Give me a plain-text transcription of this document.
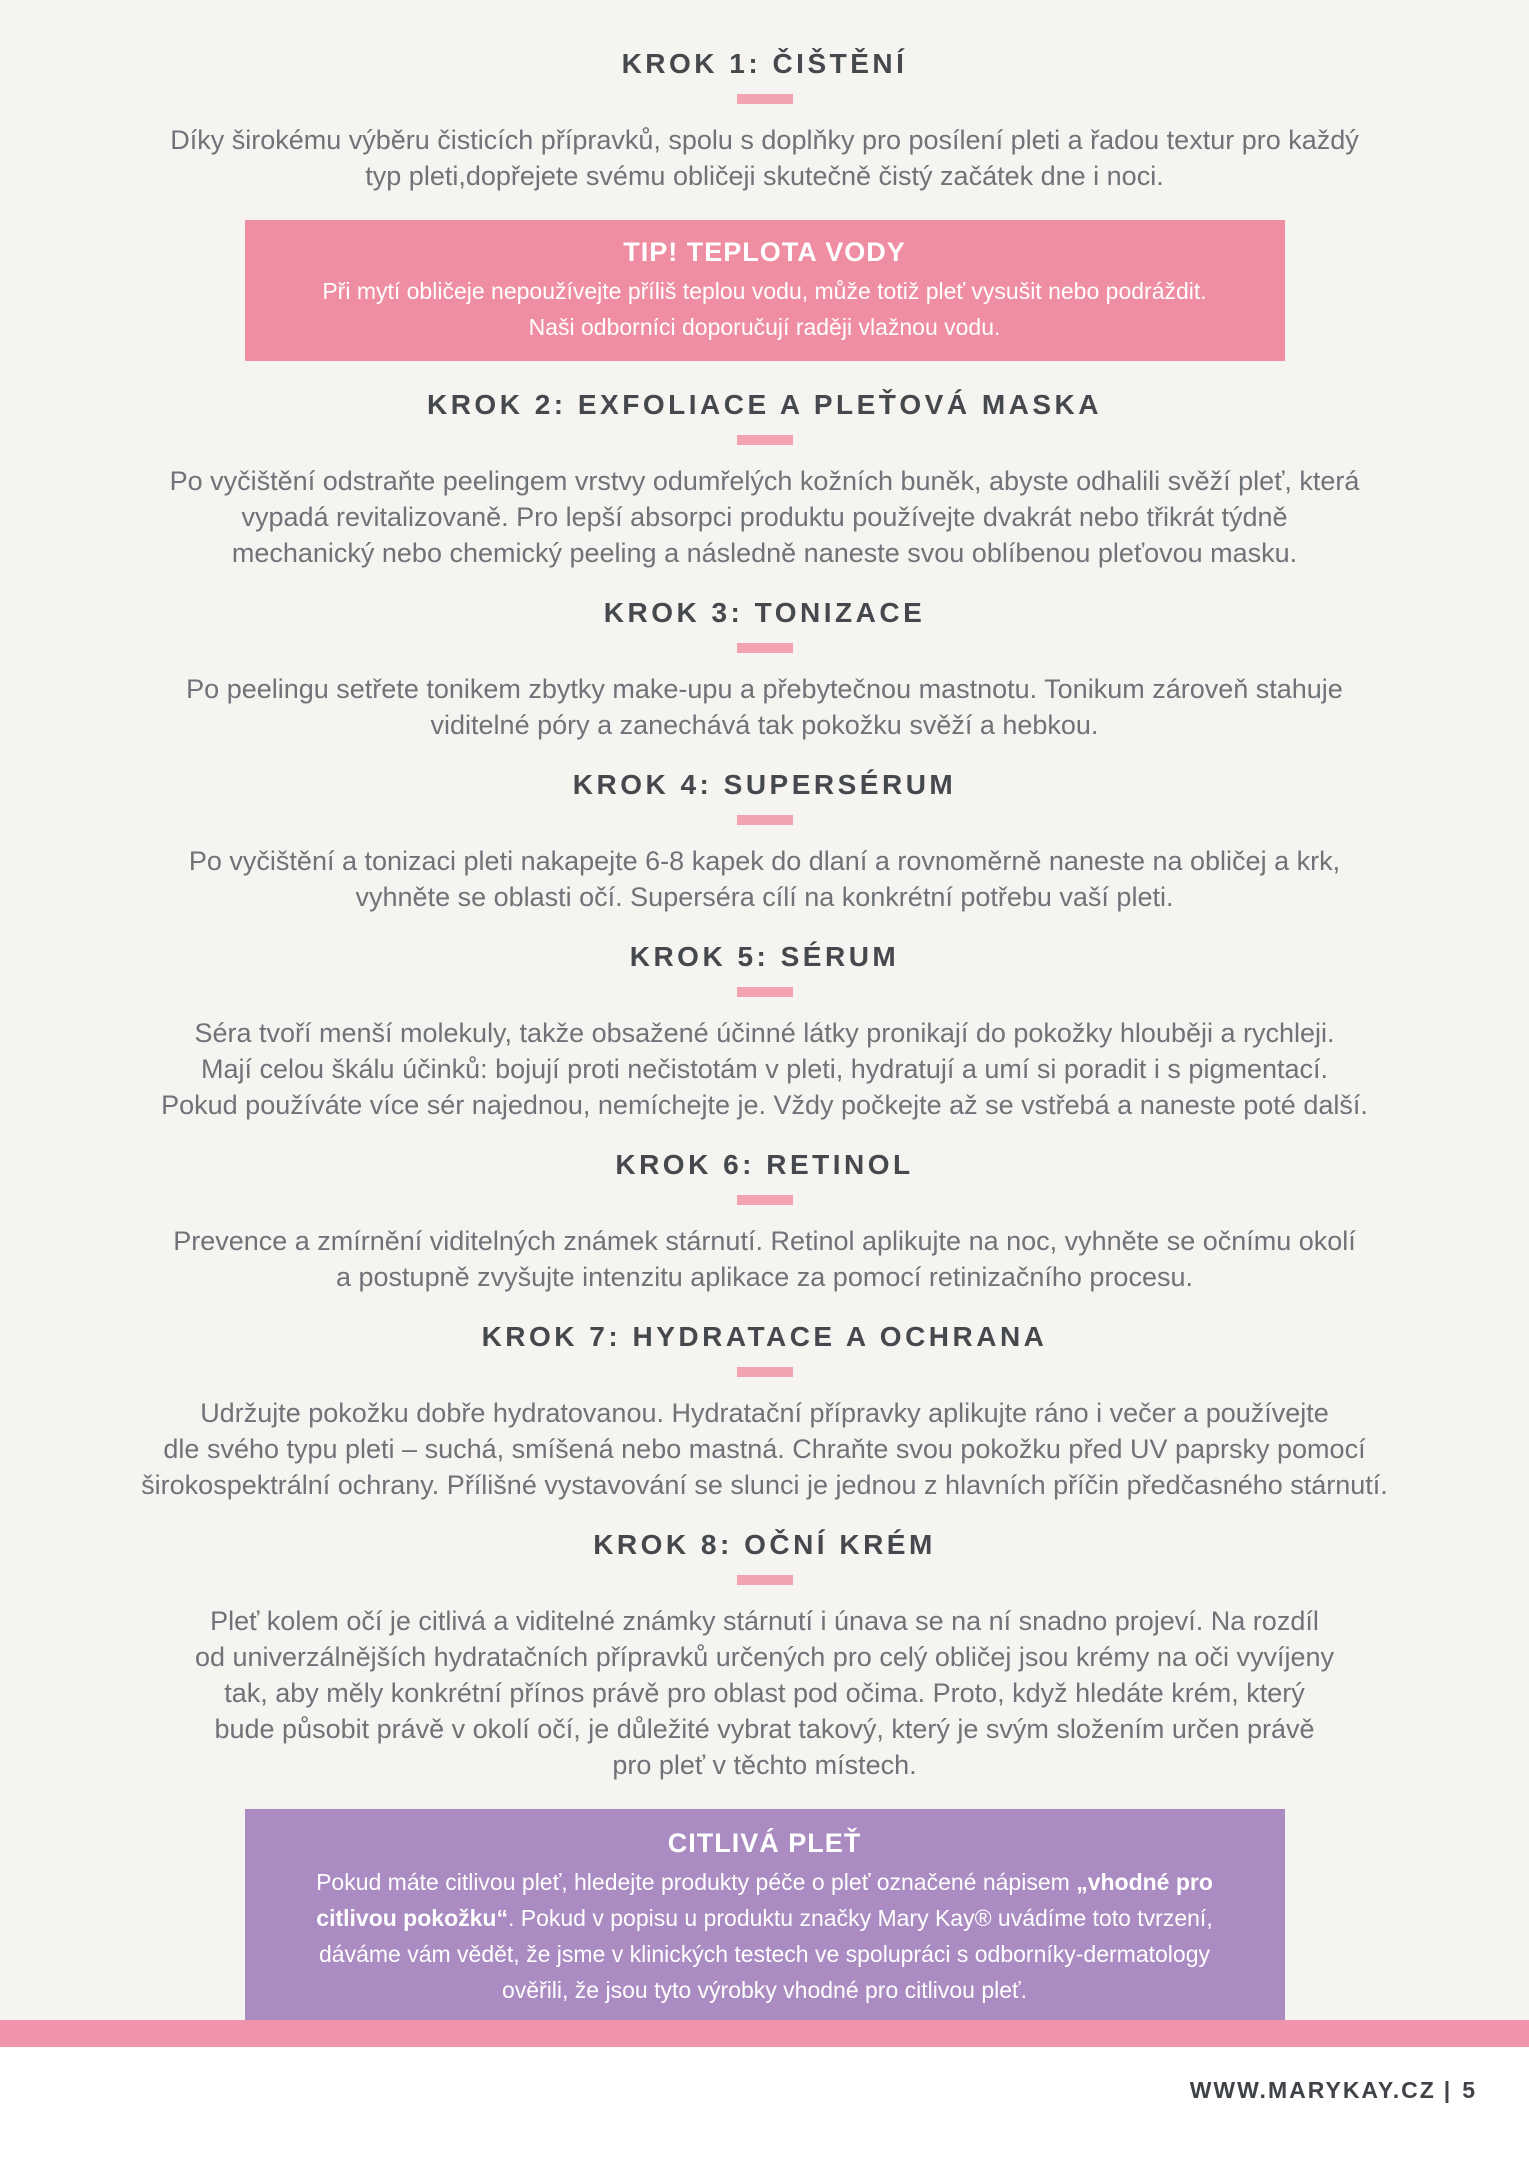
KROK 1: ČIŠTĚNÍ
Díky širokému výběru čisticích přípravků, spolu s doplňky pro posílení pleti a řadou textur pro každý
typ pleti,dopřejete svému obličeji skutečně čistý začátek dne i noci.
TIP! TEPLOTA VODY
Při mytí obličeje nepoužívejte příliš teplou vodu, může totiž pleť vysušit nebo podráždit.
Naši odborníci doporučují raději vlažnou vodu.
KROK 2: EXFOLIACE A PLEŤOVÁ MASKA
Po vyčištění odstraňte peelingem vrstvy odumřelých kožních buněk, abyste odhalili svěží pleť, která
vypadá revitalizovaně. Pro lepší absorpci produktu používejte dvakrát nebo třikrát týdně
mechanický nebo chemický peeling a následně naneste svou oblíbenou pleťovou masku.
KROK 3: TONIZACE
Po peelingu setřete tonikem zbytky make-upu a přebytečnou mastnotu. Tonikum zároveň stahuje
viditelné póry a zanechává tak pokožku svěží a hebkou.
KROK 4: SUPERSÉRUM
Po vyčištění a tonizaci pleti nakapejte 6-8 kapek do dlaní a rovnoměrně naneste na obličej a krk,
vyhněte se oblasti očí. Superséra cílí na konkrétní potřebu vaší pleti.
KROK 5: SÉRUM
Séra tvoří menší molekuly, takže obsažené účinné látky pronikají do pokožky hlouběji a rychleji.
Mají celou škálu účinků: bojují proti nečistotám v pleti, hydratují a umí si poradit i s pigmentací.
Pokud používáte více sér najednou, nemíchejte je. Vždy počkejte až se vstřebá a naneste poté další.
KROK 6: RETINOL
Prevence a zmírnění viditelných známek stárnutí. Retinol aplikujte na noc, vyhněte se očnímu okolí
a postupně zvyšujte intenzitu aplikace za pomocí retinizačního procesu.
KROK 7: HYDRATACE A OCHRANA
Udržujte pokožku dobře hydratovanou. Hydratační přípravky aplikujte ráno i večer a používejte
dle svého typu pleti – suchá, smíšená nebo mastná. Chraňte svou pokožku před UV paprsky pomocí
širokospektrální ochrany. Přílišné vystavování se slunci je jednou z hlavních příčin předčasného stárnutí.
KROK 8: OČNÍ KRÉM
Pleť kolem očí je citlivá a viditelné známky stárnutí i únava se na ní snadno projeví. Na rozdíl
od univerzálnějších hydratačních přípravků určených pro celý obličej jsou krémy na oči vyvíjeny
tak, aby měly konkrétní přínos právě pro oblast pod očima. Proto, když hledáte krém, který
bude působit právě v okolí očí, je důležité vybrat takový, který je svým složením určen právě
pro pleť v těchto místech.
CITLIVÁ PLEŤ
Pokud máte citlivou pleť, hledejte produkty péče o pleť označené nápisem „vhodné pro
citlivou pokožku“. Pokud v popisu u produktu značky Mary Kay® uvádíme toto tvrzení,
dáváme vám vědět, že jsme v klinických testech ve spolupráci s odborníky-dermatology
ověřili, že jsou tyto výrobky vhodné pro citlivou pleť.
WWW.MARYKAY.CZ | 5
